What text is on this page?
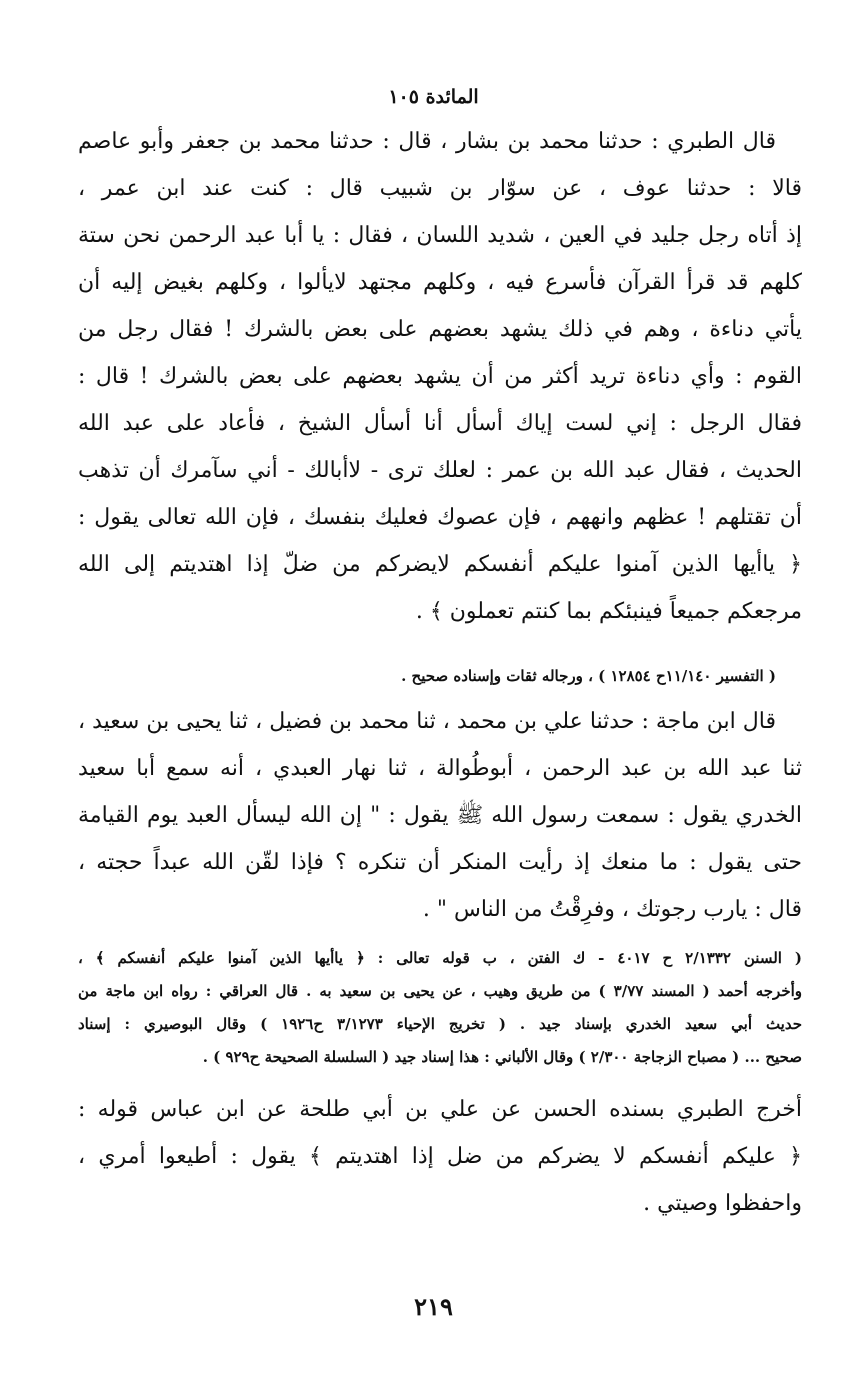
المائدة ١٠٥
قال الطبري : حدثنا محمد بن بشار ، قال : حدثنا محمد بن جعفر وأبو عاصم
قالا : حدثنا عوف ، عن سوّار بن شبيب قال : كنت عند ابن عمر ،
إذ أتاه رجل جليد في العين ، شديد اللسان ، فقال : يا أبا عبد الرحمن نحن ستة
كلهم قد قرأ القرآن فأسرع فيه ، وكلهم مجتهد لايألوا ، وكلهم بغيض إليه أن
يأتي دناءة ، وهم في ذلك يشهد بعضهم على بعض بالشرك ! فقال رجل من
القوم : وأي دناءة تريد أكثر من أن يشهد بعضهم على بعض بالشرك ! قال :
فقال الرجل : إني لست إياك أسأل أنا أسأل الشيخ ، فأعاد على عبد الله
الحديث ، فقال عبد الله بن عمر : لعلك ترى - لاأبالك - أني سآمرك أن تذهب
أن تقتلهم ! عظهم وانههم ، فإن عصوك فعليك بنفسك ، فإن الله تعالى يقول :
﴿ ياأيها الذين آمنوا عليكم أنفسكم لايضركم من ضلّ إذا اهتديتم إلى الله
مرجعكم جميعاً فينبئكم بما كنتم تعملون ﴾ .
( التفسير ١١/١٤٠ح ١٢٨٥٤ ) ، ورجاله ثقات وإسناده صحيح .
قال ابن ماجة : حدثنا علي بن محمد ، ثنا محمد بن فضيل ، ثنا يحيى بن سعيد ،
ثنا عبد الله بن عبد الرحمن ، أبوطُوالة ، ثنا نهار العبدي ، أنه سمع أبا سعيد
الخدري يقول : سمعت رسول الله ﷺ يقول : " إن الله ليسأل العبد يوم القيامة
حتى يقول : ما منعك إذ رأيت المنكر أن تنكره ؟ فإذا لقّن الله عبداً حجته ،
قال : يارب رجوتك ، وفرِقْتُ من الناس " .
( السنن ٢/١٣٣٢ ح ٤٠١٧ - ك الفتن ، ب قوله تعالى : ﴿ ياأيها الذين آمنوا عليكم أنفسكم ﴾ ،
وأخرجه أحمد ( المسند ٣/٧٧ ) من طريق وهيب ، عن يحيى بن سعيد به . قال العراقي : رواه ابن ماجة من
حديث أبي سعيد الخدري بإسناد جيد . ( تخريج الإحياء ٣/١٢٧٣ ح١٩٢٦ ) وقال البوصيري : إسناد
صحيح ... ( مصباح الزجاجة ٢/٣٠٠ ) وقال الألباني : هذا إسناد جيد ( السلسلة الصحيحة ح٩٢٩ ) .
أخرج الطبري بسنده الحسن عن علي بن أبي طلحة عن ابن عباس قوله :
﴿ عليكم أنفسكم لا يضركم من ضل إذا اهتديتم ﴾ يقول : أطيعوا أمري ،
واحفظوا وصيتي .
٢١٩
